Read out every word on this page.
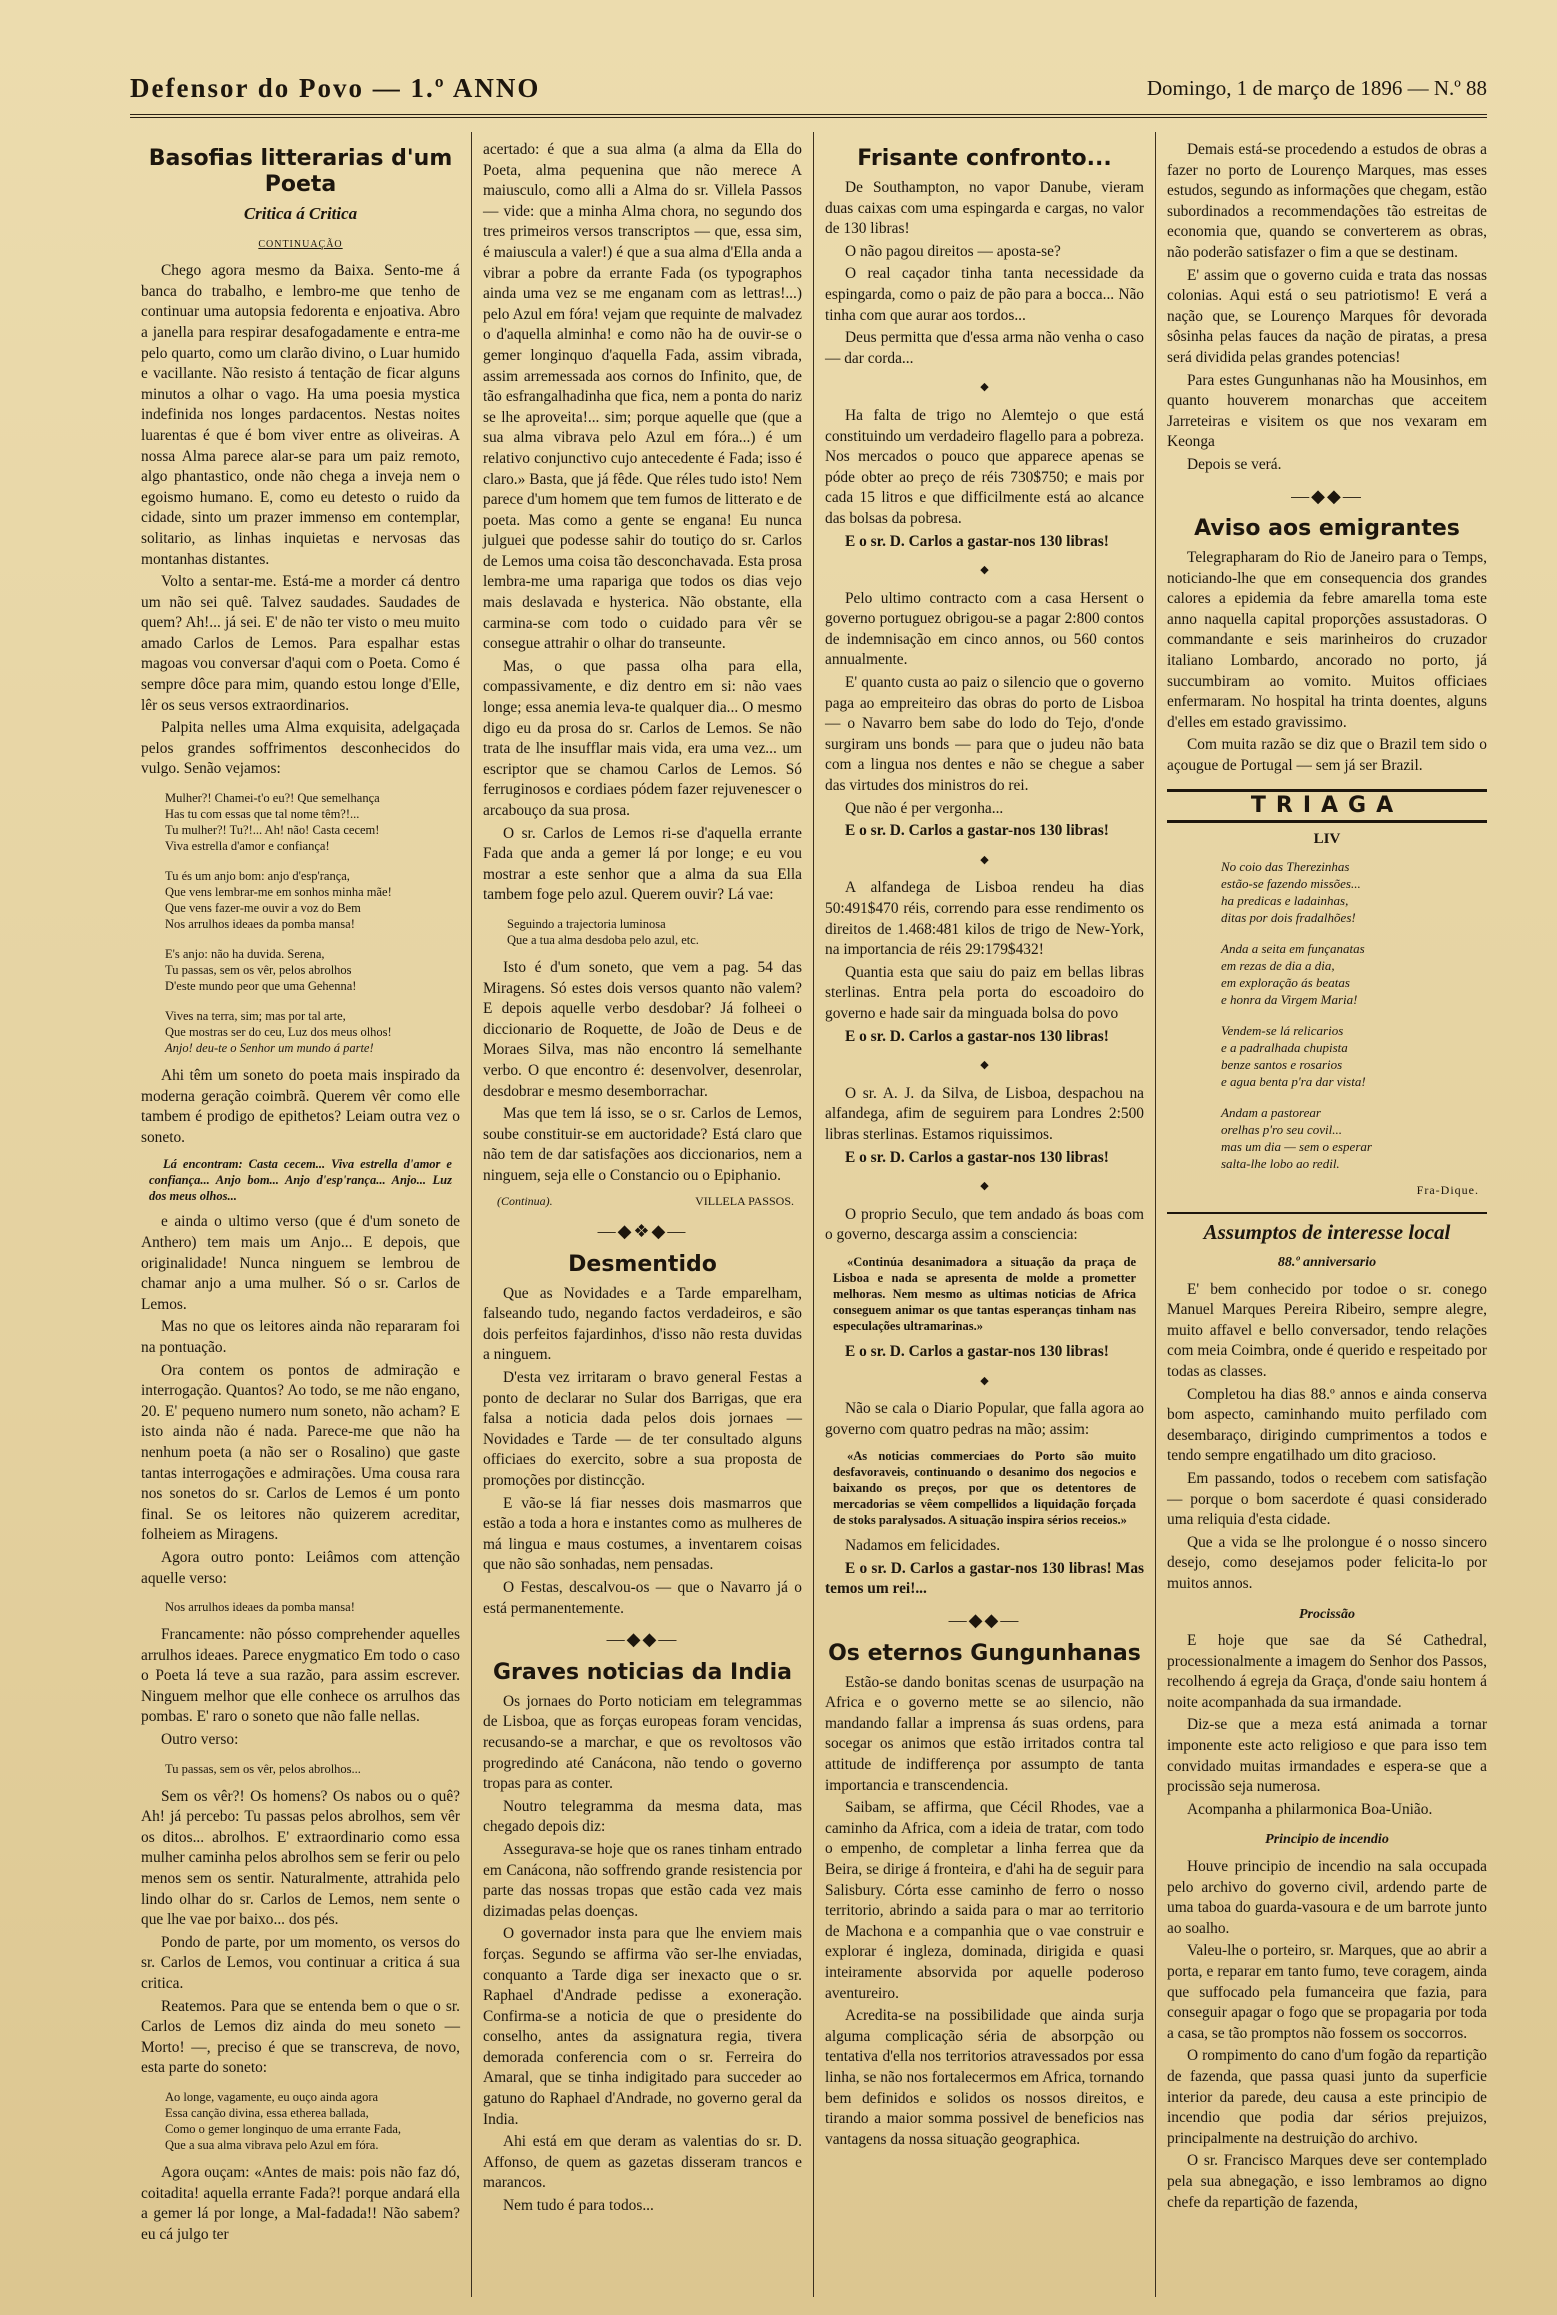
Defensor do Povo — 1.º ANNO	Domingo, 1 de março de 1896 — N.º 88
Basofias litterarias d'um Poeta
Critica á Critica
CONTINUAÇÃO

Chego agora mesmo da Baixa. Sento-me á banca do trabalho, e lembro-me que tenho de continuar uma autopsia fedorenta e enjoativa. Abro a janella para respirar desafogadamente e entra-me pelo quarto, como um clarão divino, o Luar humido e vacillante. Não resisto á tentação de ficar alguns minutos a olhar o vago. Ha uma poesia mystica indefinida nos longes pardacentos. Nestas noites luarentas é que é bom viver entre as oliveiras. A nossa Alma parece alar-se para um paiz remoto, algo phantastico, onde não chega a inveja nem o egoismo humano. E, como eu detesto o ruido da cidade, sinto um prazer immenso em contemplar, solitario, as linhas inquietas e nervosas das montanhas distantes.

Volto a sentar-me. Está-me a morder cá dentro um não sei quê. Talvez saudades. Saudades de quem? Ah!... já sei. E' de não ter visto o meu muito amado Carlos de Lemos. Para espalhar estas magoas vou conversar d'aqui com o Poeta. Como é sempre dôce para mim, quando estou longe d'Elle, lêr os seus versos extraordinarios.

Palpita nelles uma Alma exquisita, adelgaçada pelos grandes soffrimentos desconhecidos do vulgo. Senão vejamos:

Mulher?! Chamei-t'o eu?! Que semelhança
Has tu com essas que tal nome têm?!...
Tu mulher?! Tu?!... Ah! não! Casta cecem!
Viva estrella d'amor e confiança!
Tu és um anjo bom: anjo d'esp'rança,
Que vens lembrar-me em sonhos minha mãe!
Que vens fazer-me ouvir a voz do Bem
Nos arrulhos ideaes da pomba mansa!
E's anjo: não ha duvida. Serena,
Tu passas, sem os vêr, pelos abrolhos
D'este mundo peor que uma Gehenna!
Vives na terra, sim; mas por tal arte,
Que mostras ser do ceu, Luz dos meus olhos!
Anjo! deu-te o Senhor um mundo á parte!

Ahi têm um soneto do poeta mais inspirado da moderna geração coimbrã. Querem vêr como elle tambem é prodigo de epithetos? Leiam outra vez o soneto.

Lá encontram: Casta cecem... Viva estrella d'amor e confiança... Anjo bom... Anjo d'esp'rança... Anjo... Luz dos meus olhos...

e ainda o ultimo verso (que é d'um soneto de Anthero) tem mais um Anjo... E depois, que originalidade! Nunca ninguem se lembrou de chamar anjo a uma mulher. Só o sr. Carlos de Lemos.

Mas no que os leitores ainda não repararam foi na pontuação.

Ora contem os pontos de admiração e interrogação. Quantos? Ao todo, se me não engano, 20. E' pequeno numero num soneto, não acham? E isto ainda não é nada. Parece-me que não ha nenhum poeta (a não ser o Rosalino) que gaste tantas interrogações e admirações. Uma cousa rara nos sonetos do sr. Carlos de Lemos é um ponto final. Se os leitores não quizerem acreditar, folheiem as Miragens.

Agora outro ponto: Leiâmos com attenção aquelle verso:

Nos arrulhos ideaes da pomba mansa!

Francamente: não pósso comprehender aquelles arrulhos ideaes. Parece enygmatico Em todo o caso o Poeta lá teve a sua razão, para assim escrever. Ninguem melhor que elle conhece os arrulhos das pombas. E' raro o soneto que não falle nellas.

Outro verso:

Tu passas, sem os vêr, pelos abrolhos...

Sem os vêr?! Os homens? Os nabos ou o quê? Ah! já percebo: Tu passas pelos abrolhos, sem vêr os ditos... abrolhos. E' extraordinario como essa mulher caminha pelos abrolhos sem se ferir ou pelo menos sem os sentir. Naturalmente, attrahida pelo lindo olhar do sr. Carlos de Lemos, nem sente o que lhe vae por baixo... dos pés.

Pondo de parte, por um momento, os versos do sr. Carlos de Lemos, vou continuar a critica á sua critica.

Reatemos. Para que se entenda bem o que o sr. Carlos de Lemos diz ainda do meu soneto — Morto! —, preciso é que se transcreva, de novo, esta parte do soneto:

Ao longe, vagamente, eu ouço ainda agora
Essa canção divina, essa etherea ballada,
Como o gemer longinquo de uma errante Fada,
Que a sua alma vibrava pelo Azul em fóra.

Agora ouçam: «Antes de mais: pois não faz dó, coitadita! aquella errante Fada?! porque andará ella a gemer lá por longe, a Mal-fadada!! Não sabem? eu cá julgo ter

acertado: é que a sua alma (a alma da Ella do Poeta, alma pequenina que não merece A maiusculo, como alli a Alma do sr. Villela Passos — vide: que a minha Alma chora, no segundo dos tres primeiros versos transcriptos — que, essa sim, é maiuscula a valer!) é que a sua alma d'Ella anda a vibrar a pobre da errante Fada (os typographos ainda uma vez se me enganam com as lettras!...) pelo Azul em fóra! vejam que requinte de malvadez o d'aquella alminha! e como não ha de ouvir-se o gemer longinquo d'aquella Fada, assim vibrada, assim arremessada aos cornos do Infinito, que, de tão esfrangalhadinha que fica, nem a ponta do nariz se lhe aproveita!... sim; porque aquelle que (que a sua alma vibrava pelo Azul em fóra...) é um relativo conjunctivo cujo antecedente é Fada; isso é claro.» Basta, que já fêde. Que réles tudo isto! Nem parece d'um homem que tem fumos de litterato e de poeta. Mas como a gente se engana! Eu nunca julguei que podesse sahir do toutiço do sr. Carlos de Lemos uma coisa tão desconchavada. Esta prosa lembra-me uma rapariga que todos os dias vejo mais deslavada e hysterica. Não obstante, ella carmina-se com todo o cuidado para vêr se consegue attrahir o olhar do transeunte.

Mas, o que passa olha para ella, compassivamente, e diz dentro em si: não vaes longe; essa anemia leva-te qualquer dia... O mesmo digo eu da prosa do sr. Carlos de Lemos. Se não trata de lhe insufflar mais vida, era uma vez... um escriptor que se chamou Carlos de Lemos. Só ferruginosos e cordiaes pódem fazer rejuvenescer o arcabouço da sua prosa.

O sr. Carlos de Lemos ri-se d'aquella errante Fada que anda a gemer lá por longe; e eu vou mostrar a este senhor que a alma da sua Ella tambem foge pelo azul. Querem ouvir? Lá vae:

Seguindo a trajectoria luminosa
Que a tua alma desdoba pelo azul, etc.

Isto é d'um soneto, que vem a pag. 54 das Miragens. Só estes dois versos quanto não valem? E depois aquelle verbo desdobar? Já folheei o diccionario de Roquette, de João de Deus e de Moraes Silva, mas não encontro lá semelhante verbo. O que encontro é: desenvolver, desenrolar, desdobrar e mesmo desemborrachar.

Mas que tem lá isso, se o sr. Carlos de Lemos, soube constituir-se em auctoridade? Está claro que não tem de dar satisfações aos diccionarios, nem a ninguem, seja elle o Constancio ou o Epiphanio.

(Continua).	VILLELA PASSOS.
—◆❖◆—
Desmentido

Que as Novidades e a Tarde emparelham, falseando tudo, negando factos verdadeiros, e são dois perfeitos fajardinhos, d'isso não resta duvidas a ninguem.

D'esta vez irritaram o bravo general Festas a ponto de declarar no Sular dos Barrigas, que era falsa a noticia dada pelos dois jornaes — Novidades e Tarde — de ter consultado alguns officiaes do exercito, sobre a sua proposta de promoções por distincção.

E vão-se lá fiar nesses dois masmarros que estão a toda a hora e instantes como as mulheres de má lingua e maus costumes, a inventarem coisas que não são sonhadas, nem pensadas.

O Festas, descalvou-os — que o Navarro já o está permanentemente.

—◆◆—
Graves noticias da India

Os jornaes do Porto noticiam em telegrammas de Lisboa, que as forças europeas foram vencidas, recusando-se a marchar, e que os revoltosos vão progredindo até Canácona, não tendo o governo tropas para as conter.

Noutro telegramma da mesma data, mas chegado depois diz:

Assegurava-se hoje que os ranes tinham entrado em Canácona, não soffrendo grande resistencia por parte das nossas tropas que estão cada vez mais dizimadas pelas doenças.

O governador insta para que lhe enviem mais forças. Segundo se affirma vão ser-lhe enviadas, conquanto a Tarde diga ser inexacto que o sr. Raphael d'Andrade pedisse a exoneração. Confirma-se a noticia de que o presidente do conselho, antes da assignatura regia, tivera demorada conferencia com o sr. Ferreira do Amaral, que se tinha indigitado para succeder ao gatuno do Raphael d'Andrade, no governo geral da India.

Ahi está em que deram as valentias do sr. D. Affonso, de quem as gazetas disseram trancos e marancos.

Nem tudo é para todos...

Frisante confronto...

De Southampton, no vapor Danube, vieram duas caixas com uma espingarda e cargas, no valor de 130 libras!

O não pagou direitos — aposta-se?

O real caçador tinha tanta necessidade da espingarda, como o paiz de pão para a bocca... Não tinha com que aurar aos tordos...

Deus permitta que d'essa arma não venha o caso — dar corda...

◆

Ha falta de trigo no Alemtejo o que está constituindo um verdadeiro flagello para a pobreza. Nos mercados o pouco que apparece apenas se póde obter ao preço de réis 730$750; e mais por cada 15 litros e que difficilmente está ao alcance das bolsas da pobresa.

E o sr. D. Carlos a gastar-nos 130 libras!

◆

Pelo ultimo contracto com a casa Hersent o governo portuguez obrigou-se a pagar 2:800 contos de indemnisação em cinco annos, ou 560 contos annualmente.

E' quanto custa ao paiz o silencio que o governo paga ao empreiteiro das obras do porto de Lisboa — o Navarro bem sabe do lodo do Tejo, d'onde surgiram uns bonds — para que o judeu não bata com a lingua nos dentes e não se chegue a saber das virtudes dos ministros do rei.

Que não é per vergonha...

E o sr. D. Carlos a gastar-nos 130 libras!

◆

A alfandega de Lisboa rendeu ha dias 50:491$470 réis, correndo para esse rendimento os direitos de 1.468:481 kilos de trigo de New-York, na importancia de réis 29:179$432!

Quantia esta que saiu do paiz em bellas libras sterlinas. Entra pela porta do escoadoiro do governo e hade sair da minguada bolsa do povo

E o sr. D. Carlos a gastar-nos 130 libras!

◆

O sr. A. J. da Silva, de Lisboa, despachou na alfandega, afim de seguirem para Londres 2:500 libras sterlinas. Estamos riquissimos.

E o sr. D. Carlos a gastar-nos 130 libras!

◆

O proprio Seculo, que tem andado ás boas com o governo, descarga assim a consciencia:

«Continúa desanimadora a situação da praça de Lisboa e nada se apresenta de molde a prometter melhoras. Nem mesmo as ultimas noticias de Africa conseguem animar os que tantas esperanças tinham nas especulações ultramarinas.»

E o sr. D. Carlos a gastar-nos 130 libras!

◆

Não se cala o Diario Popular, que falla agora ao governo com quatro pedras na mão; assim:

«As noticias commerciaes do Porto são muito desfavoraveis, continuando o desanimo dos negocios e baixando os preços, por que os detentores de mercadorias se vêem compellidos a liquidação forçada de stoks paralysados. A situação inspira sérios receios.»

Nadamos em felicidades.

E o sr. D. Carlos a gastar-nos 130 libras! Mas temos um rei!...

—◆◆—
Os eternos Gungunhanas

Estão-se dando bonitas scenas de usurpação na Africa e o governo mette se ao silencio, não mandando fallar a imprensa ás suas ordens, para socegar os animos que estão irritados contra tal attitude de indifferença por assumpto de tanta importancia e transcendencia.

Saibam, se affirma, que Cécil Rhodes, vae a caminho da Africa, com a ideia de tratar, com todo o empenho, de completar a linha ferrea que da Beira, se dirige á fronteira, e d'ahi ha de seguir para Salisbury. Córta esse caminho de ferro o nosso territorio, abrindo a saida para o mar ao territorio de Machona e a companhia que o vae construir e explorar é ingleza, dominada, dirigida e quasi inteiramente absorvida por aquelle poderoso aventureiro.

Acredita-se na possibilidade que ainda surja alguma complicação séria de absorpção ou tentativa d'ella nos territorios atravessados por essa linha, se não nos fortalecermos em Africa, tornando bem definidos e solidos os nossos direitos, e tirando a maior somma possivel de beneficios nas vantagens da nossa situação geographica.

Demais está-se procedendo a estudos de obras a fazer no porto de Lourenço Marques, mas esses estudos, segundo as informações que chegam, estão subordinados a recommendações tão estreitas de economia que, quando se converterem as obras, não poderão satisfazer o fim a que se destinam.

E' assim que o governo cuida e trata das nossas colonias. Aqui está o seu patriotismo! E verá a nação que, se Lourenço Marques fôr devorada sôsinha pelas fauces da nação de piratas, a presa será dividida pelas grandes potencias!

Para estes Gungunhanas não ha Mousinhos, em quanto houverem monarchas que acceitem Jarreteiras e visitem os que nos vexaram em Keonga

Depois se verá.

—◆◆—
Aviso aos emigrantes

Telegrapharam do Rio de Janeiro para o Temps, noticiando-lhe que em consequencia dos grandes calores a epidemia da febre amarella toma este anno naquella capital proporções assustadoras. O commandante e seis marinheiros do cruzador italiano Lombardo, ancorado no porto, já succumbiram ao vomito. Muitos officiaes enfermaram. No hospital ha trinta doentes, alguns d'elles em estado gravissimo.

Com muita razão se diz que o Brazil tem sido o açougue de Portugal — sem já ser Brazil.

TRIAGA
LIV
No coio das Therezinhas
estão-se fazendo missões...
ha predicas e ladainhas,
ditas por dois fradalhões!
Anda a seita em funçanatas
em rezas de dia a dia,
em exploração ás beatas
e honra da Virgem Maria!
Vendem-se lá relicarios
e a padralhada chupista
benze santos e rosarios
e agua benta p'ra dar vista!
Andam a pastorear
orelhas p'ro seu covil...
mas um dia — sem o esperar
salta-lhe lobo ao redil.
Fra-Dique.
Assumptos de interesse local
88.º anniversario

E' bem conhecido por todoe o sr. conego Manuel Marques Pereira Ribeiro, sempre alegre, muito affavel e bello conversador, tendo relações com meia Coimbra, onde é querido e respeitado por todas as classes.

Completou ha dias 88.º annos e ainda conserva bom aspecto, caminhando muito perfilado com desembaraço, dirigindo cumprimentos a todos e tendo sempre engatilhado um dito gracioso.

Em passando, todos o recebem com satisfação — porque o bom sacerdote é quasi considerado uma reliquia d'esta cidade.

Que a vida se lhe prolongue é o nosso sincero desejo, como desejamos poder felicita-lo por muitos annos.

Procissão

E hoje que sae da Sé Cathedral, processionalmente a imagem do Senhor dos Passos, recolhendo á egreja da Graça, d'onde saiu hontem á noite acompanhada da sua irmandade.

Diz-se que a meza está animada a tornar imponente este acto religioso e que para isso tem convidado muitas irmandades e espera-se que a procissão seja numerosa.

Acompanha a philarmonica Boa-União.

Principio de incendio

Houve principio de incendio na sala occupada pelo archivo do governo civil, ardendo parte de uma taboa do guarda-vasoura e de um barrote junto ao soalho.

Valeu-lhe o porteiro, sr. Marques, que ao abrir a porta, e reparar em tanto fumo, teve coragem, ainda que suffocado pela fumanceira que fazia, para conseguir apagar o fogo que se propagaria por toda a casa, se tão promptos não fossem os soccorros.

O rompimento do cano d'um fogão da repartição de fazenda, que passa quasi junto da superficie interior da parede, deu causa a este principio de incendio que podia dar sérios prejuizos, principalmente na destruição do archivo.

O sr. Francisco Marques deve ser contemplado pela sua abnegação, e isso lembramos ao digno chefe da repartição de fazenda,
